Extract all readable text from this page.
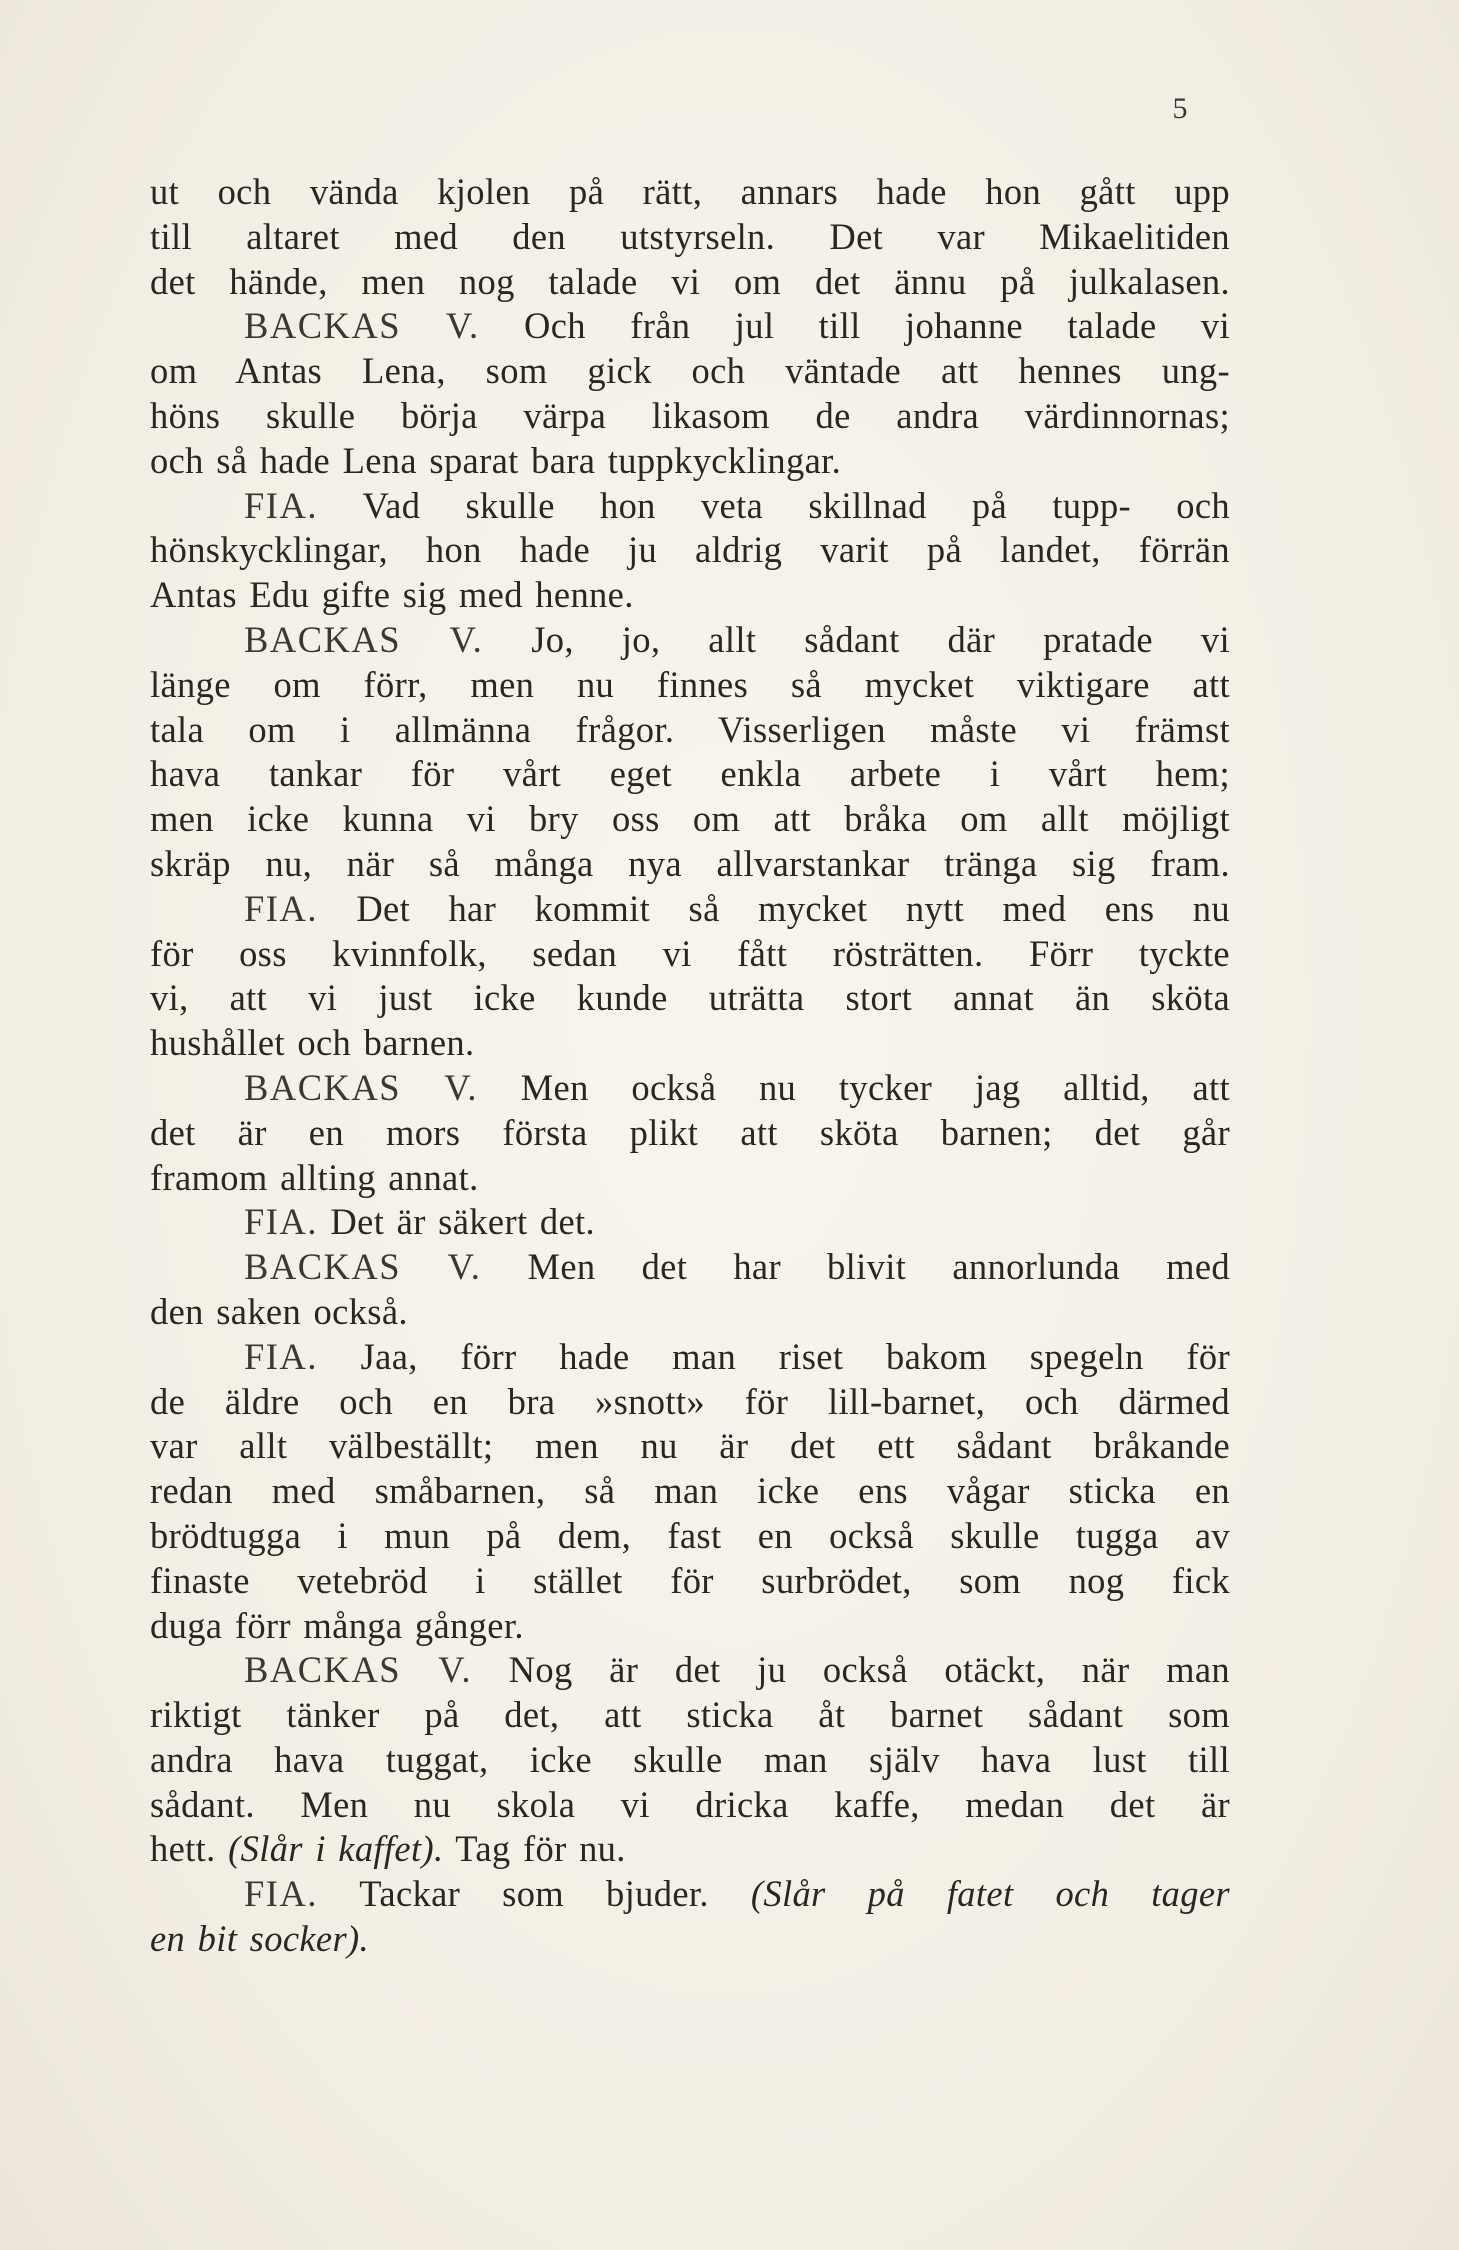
5
ut och vända kjolen på rätt, annars hade hon gått upp
till altaret med den utstyrseln. Det var Mikaelitiden
det hände, men nog talade vi om det ännu på julkalasen.
BACKAS V. Och från jul till johanne talade vi
om Antas Lena, som gick och väntade att hennes ung-
höns skulle börja värpa likasom de andra värdinnornas;
och så hade Lena sparat bara tuppkycklingar.
FIA. Vad skulle hon veta skillnad på tupp- och
hönskycklingar, hon hade ju aldrig varit på landet, förrän
Antas Edu gifte sig med henne.
BACKAS V. Jo, jo, allt sådant där pratade vi
länge om förr, men nu finnes så mycket viktigare att
tala om i allmänna frågor. Visserligen måste vi främst
hava tankar för vårt eget enkla arbete i vårt hem;
men icke kunna vi bry oss om att bråka om allt möjligt
skräp nu, när så många nya allvarstankar tränga sig fram.
FIA. Det har kommit så mycket nytt med ens nu
för oss kvinnfolk, sedan vi fått rösträtten. Förr tyckte
vi, att vi just icke kunde uträtta stort annat än sköta
hushållet och barnen.
BACKAS V. Men också nu tycker jag alltid, att
det är en mors första plikt att sköta barnen; det går
framom allting annat.
FIA. Det är säkert det.
BACKAS V. Men det har blivit annorlunda med
den saken också.
FIA. Jaa, förr hade man riset bakom spegeln för
de äldre och en bra »snott» för lill-barnet, och därmed
var allt välbeställt; men nu är det ett sådant bråkande
redan med småbarnen, så man icke ens vågar sticka en
brödtugga i mun på dem, fast en också skulle tugga av
finaste vetebröd i stället för surbrödet, som nog fick
duga förr många gånger.
BACKAS V. Nog är det ju också otäckt, när man
riktigt tänker på det, att sticka åt barnet sådant som
andra hava tuggat, icke skulle man själv hava lust till
sådant. Men nu skola vi dricka kaffe, medan det är
hett. (Slår i kaffet). Tag för nu.
FIA. Tackar som bjuder. (Slår på fatet och tager
en bit socker).
